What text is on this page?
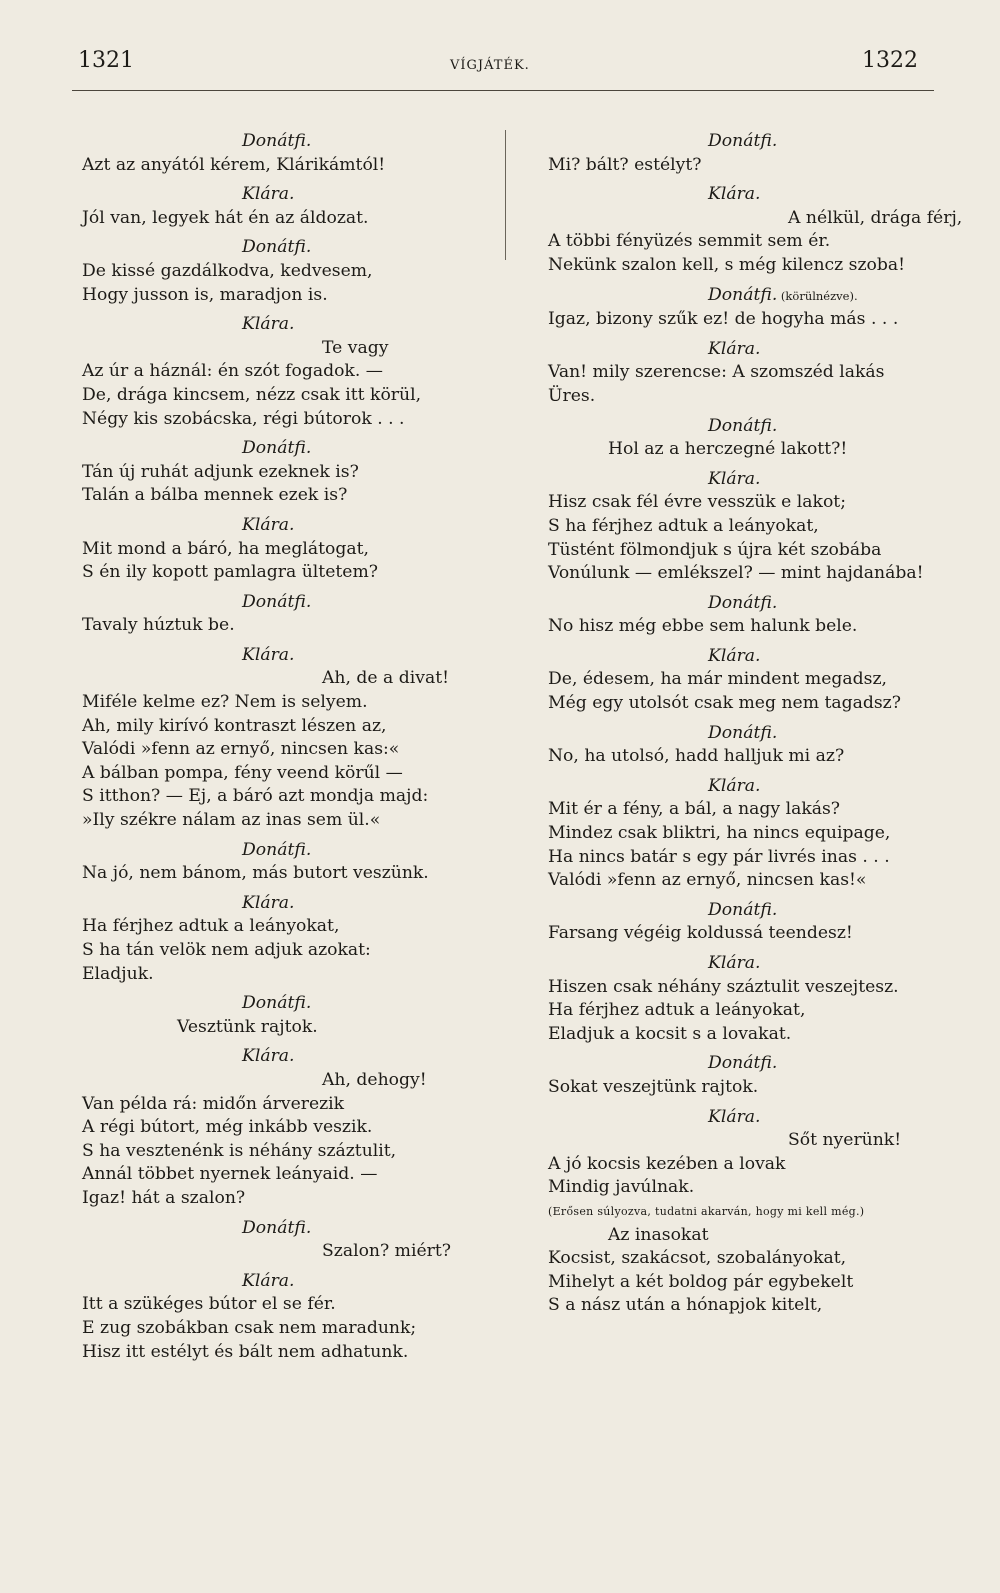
1321	VÍGJÁTÉK.	1322
Donátfi.
Azt az anyától kérem, Klárikámtól!
Klára.
Jól van, legyek hát én az áldozat.
Donátfi.
De kissé gazdálkodva, kedvesem,
Hogy jusson is, maradjon is.
Klára.
Te vagy
Az úr a háznál: én szót fogadok. —
De, drága kincsem, nézz csak itt körül,
Négy kis szobácska, régi bútorok . . .
Donátfi.
Tán új ruhát adjunk ezeknek is?
Talán a bálba mennek ezek is?
Klára.
Mit mond a báró, ha meglátogat,
S én ily kopott pamlagra ültetem?
Donátfi.
Tavaly húztuk be.
Klára.
Ah, de a divat!
Miféle kelme ez? Nem is selyem.
Ah, mily kirívó kontraszt lészen az,
Valódi »fenn az ernyő, nincsen kas:«
A bálban pompa, fény veend körűl —
S itthon? — Ej, a báró azt mondja majd:
»Ily székre nálam az inas sem ül.«
Donátfi.
Na jó, nem bánom, más butort veszünk.
Klára.
Ha férjhez adtuk a leányokat,
S ha tán velök nem adjuk azokat:
Eladjuk.
Donátfi.
Vesztünk rajtok.
Klára.
Ah, dehogy!
Van példa rá: midőn árverezik
A régi bútort, még inkább veszik.
S ha vesztenénk is néhány száztulit,
Annál többet nyernek leányaid. —
Igaz! hát a szalon?
Donátfi.
Szalon? miért?
Klára.
Itt a szükéges bútor el se fér.
E zug szobákban csak nem maradunk;
Hisz itt estélyt és bált nem adhatunk.
Donátfi.
Mi? bált? estélyt?
Klára.
A nélkül, drága férj,
A többi fényüzés semmit sem ér.
Nekünk szalon kell, s még kilencz szoba!
Donátfi. (körülnézve).
Igaz, bizony szűk ez! de hogyha más . . .
Klára.
Van! mily szerencse: A szomszéd lakás
Üres.
Donátfi.
Hol az a herczegné lakott?!
Klára.
Hisz csak fél évre vesszük e lakot;
S ha férjhez adtuk a leányokat,
Tüstént fölmondjuk s újra két szobába
Vonúlunk — emlékszel? — mint hajdanába!
Donátfi.
No hisz még ebbe sem halunk bele.
Klára.
De, édesem, ha már mindent megadsz,
Még egy utolsót csak meg nem tagadsz?
Donátfi.
No, ha utolsó, hadd halljuk mi az?
Klára.
Mit ér a fény, a bál, a nagy lakás?
Mindez csak bliktri, ha nincs equipage,
Ha nincs batár s egy pár livrés inas . . .
Valódi »fenn az ernyő, nincsen kas!«
Donátfi.
Farsang végéig koldussá teendesz!
Klára.
Hiszen csak néhány száztulit veszejtesz.
Ha férjhez adtuk a leányokat,
Eladjuk a kocsit s a lovakat.
Donátfi.
Sokat veszejtünk rajtok.
Klára.
Sőt nyerünk!
A jó kocsis kezében a lovak
Mindig javúlnak.
(Erősen súlyozva, tudatni akarván, hogy mi kell még.)
Az inasokat
Kocsist, szakácsot, szobalányokat,
Mihelyt a két boldog pár egybekelt
S a nász után a hónapjok kitelt,
